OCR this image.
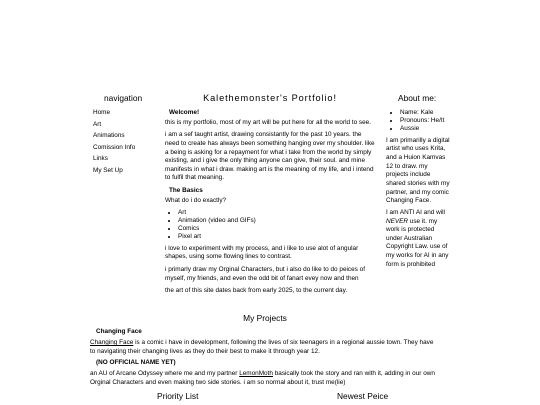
navigation
Home
Art
Animations
Comission Info
Links
My Set Up
Kalethemonster's Portfolio!
Welcome!

this is my portfolio, most of my art will be put here for all the world to see.

i am a sef taught artist, drawing consistantly for the past 10 years. the need to create has always been something hanging over my shoulder. like a being is asking for a repayment for what i take from the world by simply existing, and i give the only thing anyone can give, their soul. and mine manifests in what i draw. making art is the meaning of my life, and i intend to fulfil that meaning.

The Basics

What do i do exactly?

• Art
• Animation (video and GIFs)
• Comics
• Pixel art

i love to experiment with my process, and i like to use alot of angular shapes, using some flowing lines to contrast.

i primarly draw my Orginal Characters, but i also do like to do peices of myself, my friends, and even the odd bit of fanart evey now and then

the art of this site dates back from early 2025, to the current day.

About me:
• Name: Kale
• Pronouns: He/It
• Aussie

I am primarilly a digital artist who uses Krita, and a Huion Kamvas 12 to draw. my projects include shared stories with my partner, and my comic Changing Face.

I am ANTI AI and will NEVER use it. my work is protected under Australian Copyright Law. use of my works for AI in any form is prohibited

My Projects
Changing Face

Changing Face is a comic i have in development, following the lives of six teenagers in a regional aussie town. They have to navigating their changing lives as they do their best to make it through year 12.

(NO OFFICIAL NAME YET)

an AU of Arcane Odyssey where me and my partner LemonMoth basically took the story and ran with it, adding in our own Orginal Characters and even making two side stories. i am so normal about it, trust me(lie)

Priority List	Newest Peice
